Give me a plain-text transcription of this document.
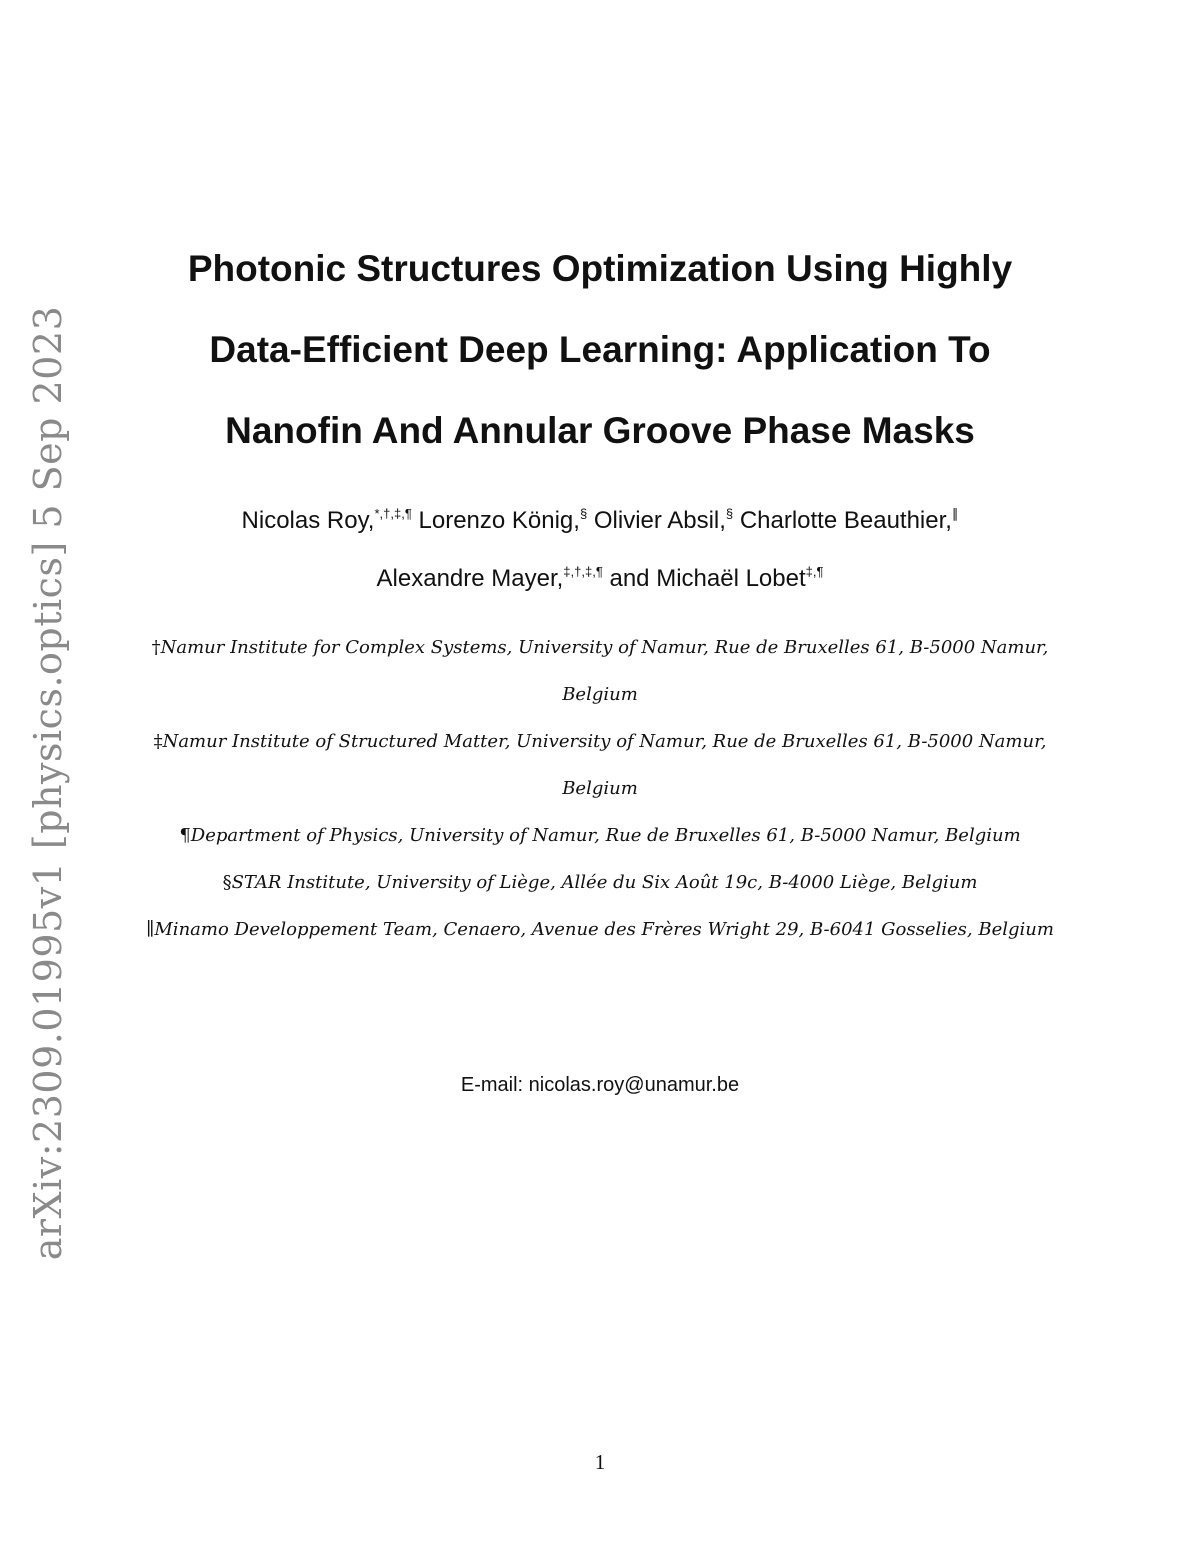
arXiv:2309.01995v1 [physics.optics] 5 Sep 2023
Photonic Structures Optimization Using Highly Data-Efficient Deep Learning: Application To Nanofin And Annular Groove Phase Masks
Nicolas Roy,*,†,‡,¶ Lorenzo König,§ Olivier Absil,§ Charlotte Beauthier,∥
Alexandre Mayer,‡,†,‡,¶ and Michaël Lobet‡,¶
†Namur Institute for Complex Systems, University of Namur, Rue de Bruxelles 61, B-5000 Namur, Belgium
‡Namur Institute of Structured Matter, University of Namur, Rue de Bruxelles 61, B-5000 Namur, Belgium
¶Department of Physics, University of Namur, Rue de Bruxelles 61, B-5000 Namur, Belgium
§STAR Institute, University of Liège, Allée du Six Août 19c, B-4000 Liège, Belgium
∥Minamo Developpement Team, Cenaero, Avenue des Frères Wright 29, B-6041 Gosselies, Belgium
E-mail: nicolas.roy@unamur.be
1
